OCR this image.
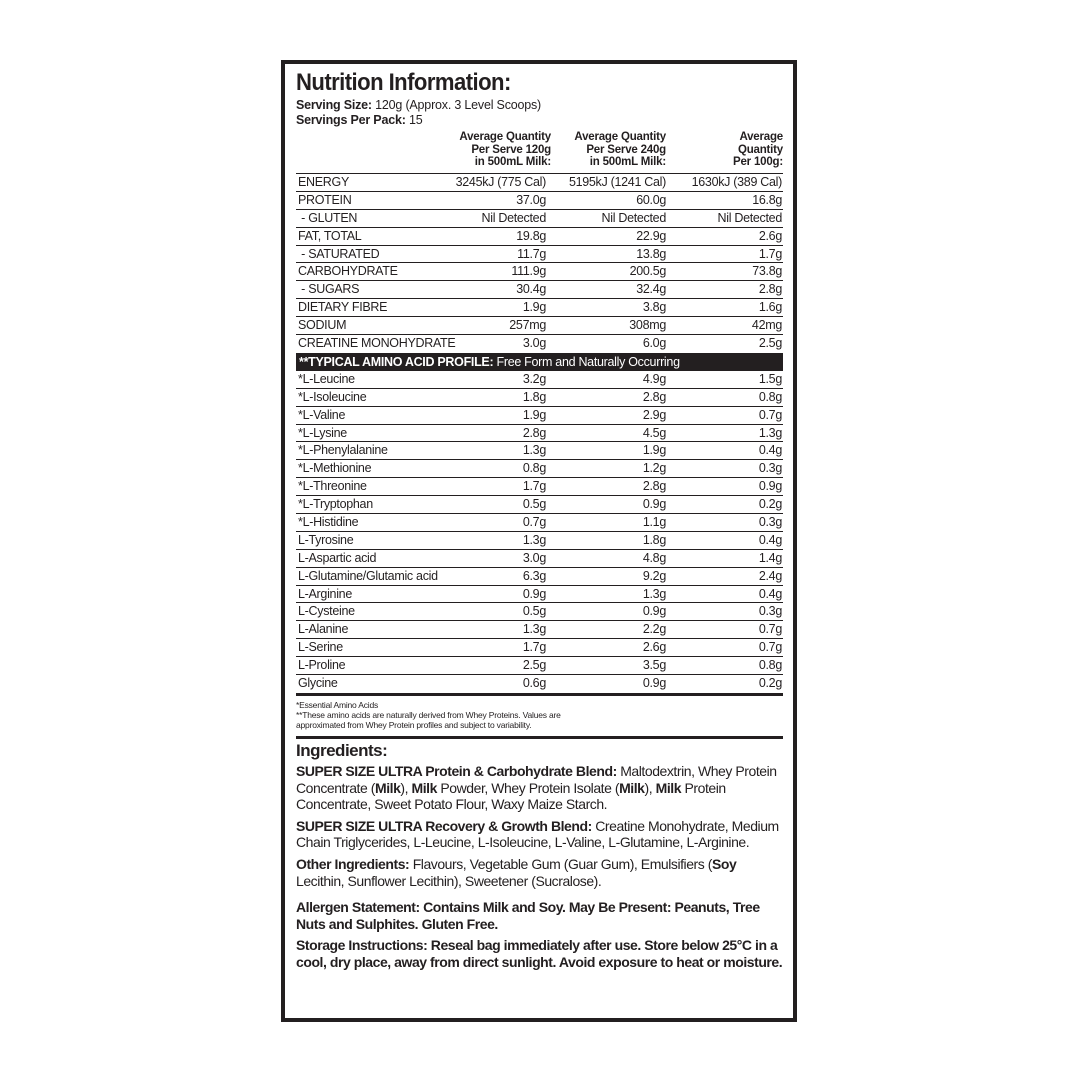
Nutrition Information:
Serving Size: 120g (Approx. 3 Level Scoops)
Servings Per Pack: 15
Average Quantity
Per Serve 120g
in 500mL Milk:
Average Quantity
Per Serve 240g
in 500mL Milk:
Average
Quantity
Per 100g:
ENERGY	3245kJ (775 Cal)	5195kJ (1241 Cal)	1630kJ (389 Cal)
PROTEIN	37.0g	60.0g	16.8g
- GLUTEN	Nil Detected	Nil Detected	Nil Detected
FAT, TOTAL	19.8g	22.9g	2.6g
- SATURATED	11.7g	13.8g	1.7g
CARBOHYDRATE	111.9g	200.5g	73.8g
- SUGARS	30.4g	32.4g	2.8g
DIETARY FIBRE	1.9g	3.8g	1.6g
SODIUM	257mg	308mg	42mg
CREATINE MONOHYDRATE	3.0g	6.0g	2.5g
**TYPICAL AMINO ACID PROFILE: Free Form and Naturally Occurring
*L-Leucine	3.2g	4.9g	1.5g
*L-Isoleucine	1.8g	2.8g	0.8g
*L-Valine	1.9g	2.9g	0.7g
*L-Lysine	2.8g	4.5g	1.3g
*L-Phenylalanine	1.3g	1.9g	0.4g
*L-Methionine	0.8g	1.2g	0.3g
*L-Threonine	1.7g	2.8g	0.9g
*L-Tryptophan	0.5g	0.9g	0.2g
*L-Histidine	0.7g	1.1g	0.3g
L-Tyrosine	1.3g	1.8g	0.4g
L-Aspartic acid	3.0g	4.8g	1.4g
L-Glutamine/Glutamic acid	6.3g	9.2g	2.4g
L-Arginine	0.9g	1.3g	0.4g
L-Cysteine	0.5g	0.9g	0.3g
L-Alanine	1.3g	2.2g	0.7g
L-Serine	1.7g	2.6g	0.7g
L-Proline	2.5g	3.5g	0.8g
Glycine	0.6g	0.9g	0.2g
*Essential Amino Acids
**These amino acids are naturally derived from Whey Proteins. Values are
approximated from Whey Protein profiles and subject to variability.
Ingredients:
SUPER SIZE ULTRA Protein & Carbohydrate Blend: Maltodextrin, Whey Protein Concentrate (Milk), Milk Powder, Whey Protein Isolate (Milk), Milk Protein Concentrate, Sweet Potato Flour, Waxy Maize Starch.
SUPER SIZE ULTRA Recovery & Growth Blend: Creatine Monohydrate, Medium Chain Triglycerides, L-Leucine, L-Isoleucine, L-Valine, L-Glutamine, L-Arginine.
Other Ingredients: Flavours, Vegetable Gum (Guar Gum), Emulsifiers (Soy Lecithin, Sunflower Lecithin), Sweetener (Sucralose).
Allergen Statement: Contains Milk and Soy. May Be Present: Peanuts, Tree Nuts and Sulphites. Gluten Free.
Storage Instructions: Reseal bag immediately after use. Store below 25°C in a cool, dry place, away from direct sunlight. Avoid exposure to heat or moisture.
